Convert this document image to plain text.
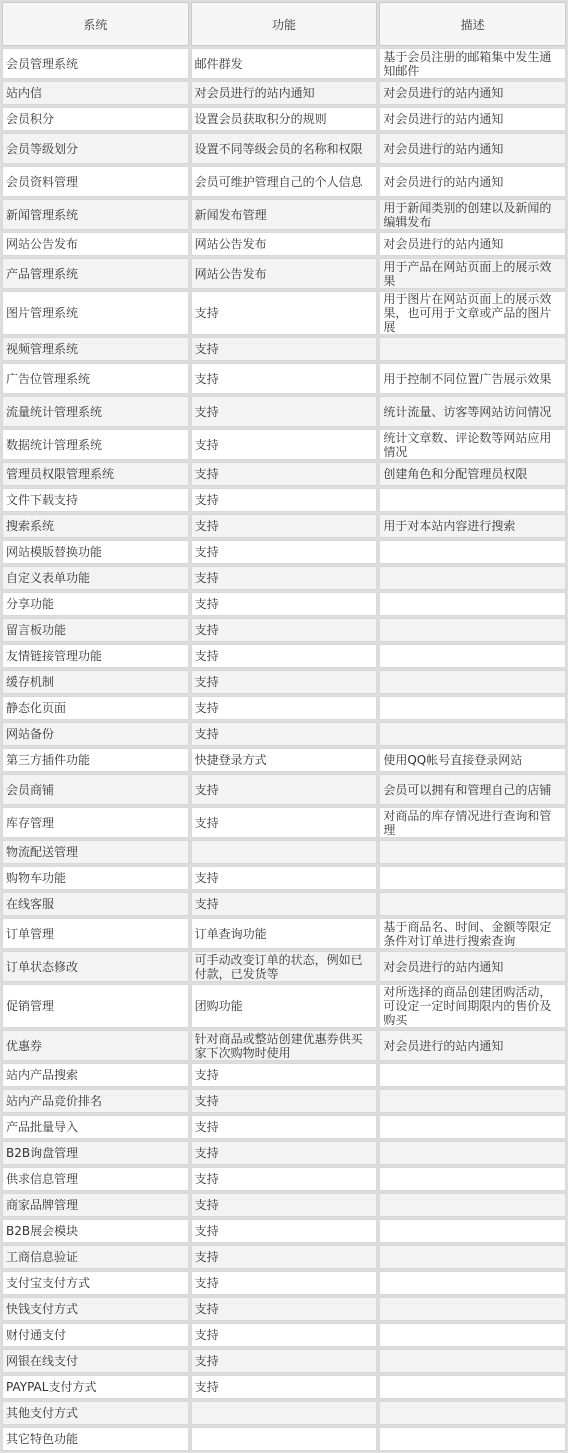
系统	功能	描述
会员管理系统	邮件群发	基于会员注册的邮箱集中发生通知邮件
站内信	对会员进行的站内通知	对会员进行的站内通知
会员积分	设置会员获取积分的规则	对会员进行的站内通知
会员等级划分	设置不同等级会员的名称和权限	对会员进行的站内通知
会员资料管理	会员可维护管理自己的个人信息	对会员进行的站内通知
新闻管理系统	新闻发布管理	用于新闻类别的创建以及新闻的编辑发布
网站公告发布	网站公告发布	对会员进行的站内通知
产品管理系统	网站公告发布	用于产品在网站页面上的展示效果
图片管理系统	支持	用于图片在网站页面上的展示效果，也可用于文章或产品的图片展
视频管理系统	支持	
广告位管理系统	支持	用于控制不同位置广告展示效果
流量统计管理系统	支持	统计流量、访客等网站访问情况
数据统计管理系统	支持	统计文章数、评论数等网站应用情况
管理员权限管理系统	支持	创建角色和分配管理员权限
文件下载支持	支持	
搜索系统	支持	用于对本站内容进行搜索
网站模版替换功能	支持	
自定义表单功能	支持	
分享功能	支持	
留言板功能	支持	
友情链接管理功能	支持	
缓存机制	支持	
静态化页面	支持	
网站备份	支持	
第三方插件功能	快捷登录方式	使用QQ帐号直接登录网站
会员商铺	支持	会员可以拥有和管理自己的店铺
库存管理	支持	对商品的库存情况进行查询和管理
物流配送管理		
购物车功能	支持	
在线客服	支持	
订单管理	订单查询功能	基于商品名、时间、金额等限定条件对订单进行搜索查询
订单状态修改	可手动改变订单的状态，例如已付款，已发货等	对会员进行的站内通知
促销管理	团购功能	对所选择的商品创建团购活动，可设定一定时间期限内的售价及购买
优惠券	针对商品或整站创建优惠券供买家下次购物时使用	对会员进行的站内通知
站内产品搜索	支持	
站内产品竞价排名	支持	
产品批量导入	支持	
B2B询盘管理	支持	
供求信息管理	支持	
商家品牌管理	支持	
B2B展会模块	支持	
工商信息验证	支持	
支付宝支付方式	支持	
快钱支付方式	支持	
财付通支付	支持	
网银在线支付	支持	
PAYPAL支付方式	支持	
其他支付方式		
其它特色功能		
